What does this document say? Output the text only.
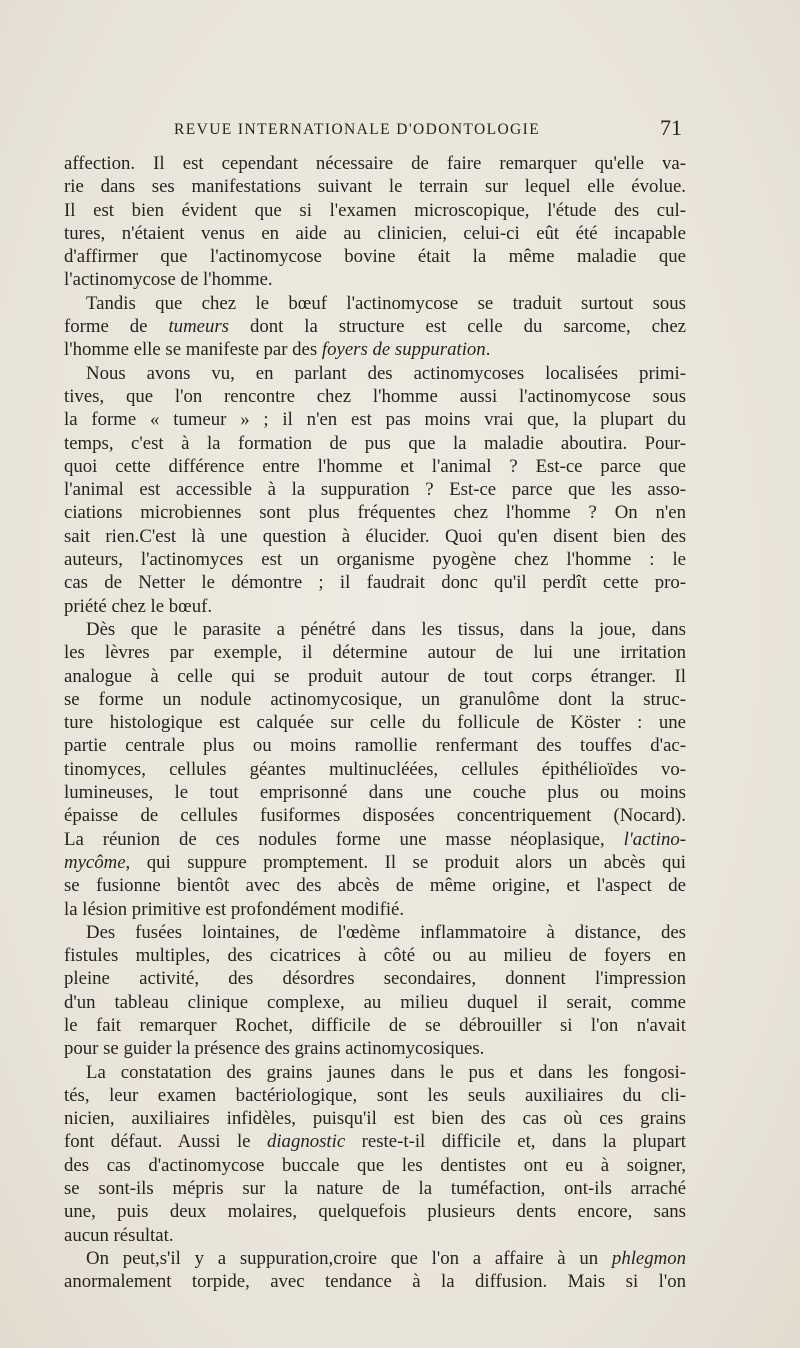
REVUE INTERNATIONALE D'ODONTOLOGIE	71
affection. Il est cependant nécessaire de faire remarquer qu'elle va-
rie dans ses manifestations suivant le terrain sur lequel elle évolue.
Il est bien évident que si l'examen microscopique, l'étude des cul-
tures, n'étaient venus en aide au clinicien, celui-ci eût été incapable
d'affirmer que l'actinomycose bovine était la même maladie que
l'actinomycose de l'homme.
Tandis que chez le bœuf l'actinomycose se traduit surtout sous
forme de tumeurs dont la structure est celle du sarcome, chez
l'homme elle se manifeste par des foyers de suppuration.
Nous avons vu, en parlant des actinomycoses localisées primi-
tives, que l'on rencontre chez l'homme aussi l'actinomycose sous
la forme « tumeur » ; il n'en est pas moins vrai que, la plupart du
temps, c'est à la formation de pus que la maladie aboutira. Pour-
quoi cette différence entre l'homme et l'animal ? Est-ce parce que
l'animal est accessible à la suppuration ? Est-ce parce que les asso-
ciations microbiennes sont plus fréquentes chez l'homme ? On n'en
sait rien.C'est là une question à élucider. Quoi qu'en disent bien des
auteurs, l'actinomyces est un organisme pyogène chez l'homme : le
cas de Netter le démontre ; il faudrait donc qu'il perdît cette pro-
priété chez le bœuf.
Dès que le parasite a pénétré dans les tissus, dans la joue, dans
les lèvres par exemple, il détermine autour de lui une irritation
analogue à celle qui se produit autour de tout corps étranger. Il
se forme un nodule actinomycosique, un granulôme dont la struc-
ture histologique est calquée sur celle du follicule de Köster : une
partie centrale plus ou moins ramollie renfermant des touffes d'ac-
tinomyces, cellules géantes multinucléées, cellules épithélioïdes vo-
lumineuses, le tout emprisonné dans une couche plus ou moins
épaisse de cellules fusiformes disposées concentriquement (Nocard).
La réunion de ces nodules forme une masse néoplasique, l'actino-
mycôme, qui suppure promptement. Il se produit alors un abcès qui
se fusionne bientôt avec des abcès de même origine, et l'aspect de
la lésion primitive est profondément modifié.
Des fusées lointaines, de l'œdème inflammatoire à distance, des
fistules multiples, des cicatrices à côté ou au milieu de foyers en
pleine activité, des désordres secondaires, donnent l'impression
d'un tableau clinique complexe, au milieu duquel il serait, comme
le fait remarquer Rochet, difficile de se débrouiller si l'on n'avait
pour se guider la présence des grains actinomycosiques.
La constatation des grains jaunes dans le pus et dans les fongosi-
tés, leur examen bactériologique, sont les seuls auxiliaires du cli-
nicien, auxiliaires infidèles, puisqu'il est bien des cas où ces grains
font défaut. Aussi le diagnostic reste-t-il difficile et, dans la plupart
des cas d'actinomycose buccale que les dentistes ont eu à soigner,
se sont-ils mépris sur la nature de la tuméfaction, ont-ils arraché
une, puis deux molaires, quelquefois plusieurs dents encore, sans
aucun résultat.
On peut,s'il y a suppuration,croire que l'on a affaire à un phlegmon
anormalement torpide, avec tendance à la diffusion. Mais si l'on
